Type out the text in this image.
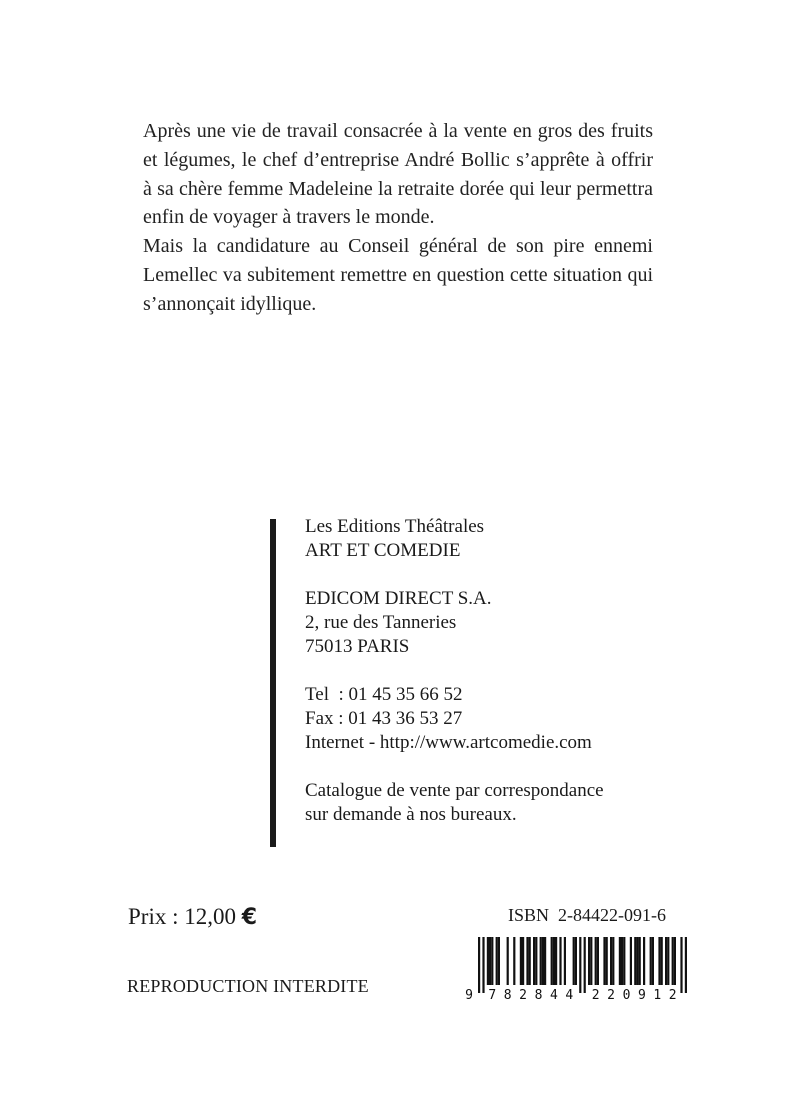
Après une vie de travail consacrée à la vente en gros des fruits et légumes, le chef d’entreprise André Bollic s’apprête à offrir à sa chère femme Madeleine la retraite dorée qui leur permettra enfin de voyager à travers le monde.

Mais la candidature au Conseil général de son pire ennemi Lemellec va subitement remettre en question cette situation qui s’annonçait idyllique.

Les Editions Théâtrales
ART ET COMEDIE
EDICOM DIRECT S.A.
2, rue des Tanneries
75013 PARIS
Tel  : 01 45 35 66 52
Fax : 01 43 36 53 27
Internet - http://www.artcomedie.com
Catalogue de vente par correspondance
sur demande à nos bureaux.
Prix : 12,00 €	ISBN  2-84422-091-6
REPRODUCTION INTERDITE	9 7 8 2 8 4 4 2 2 0 9 1 2
